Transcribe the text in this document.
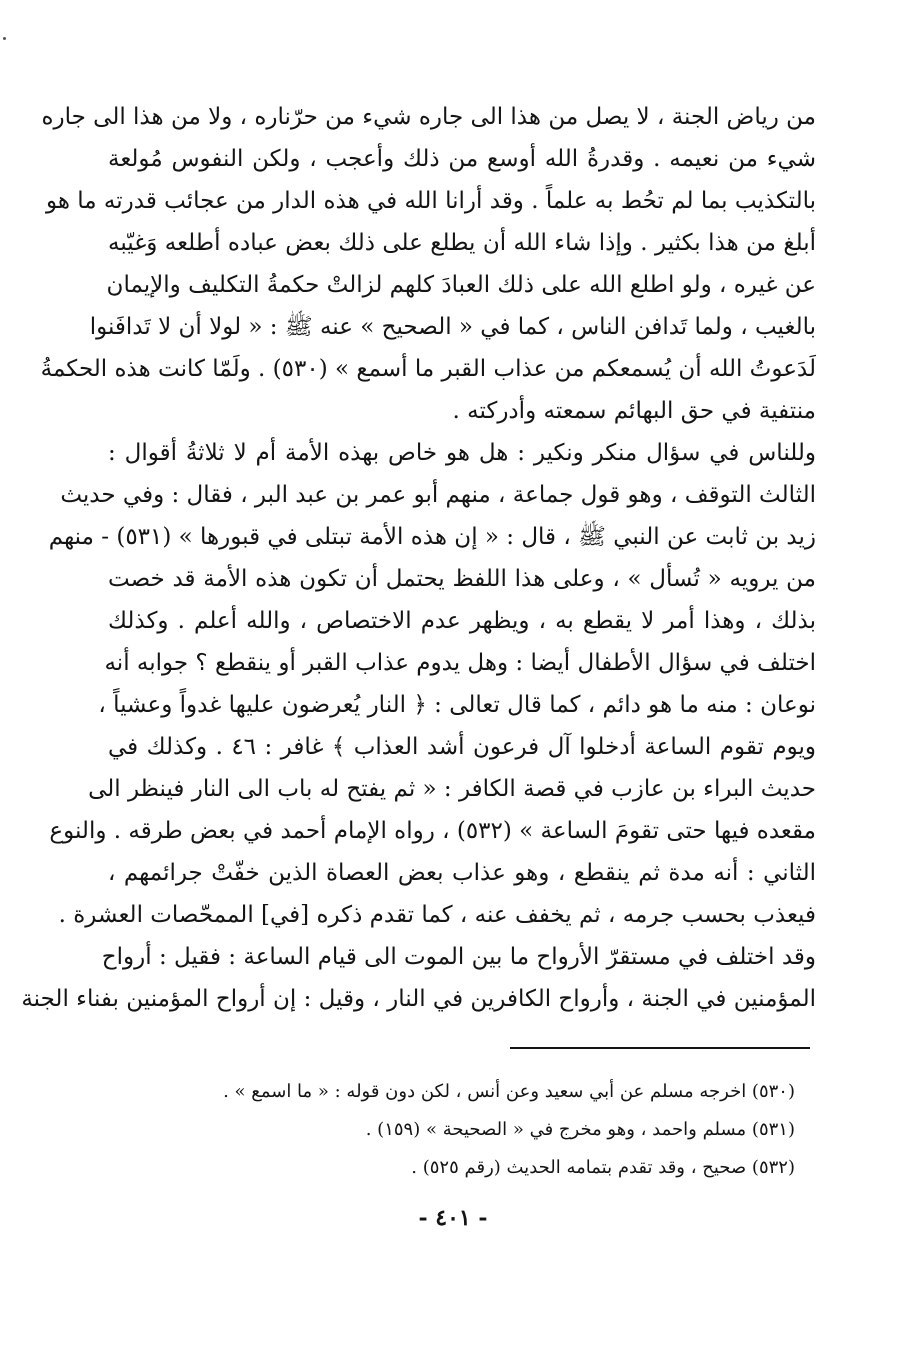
من رياض الجنة ، لا يصل من هذا الى جاره شيء من حرّناره ، ولا من هذا الى جاره
شيء من نعيمه . وقدرةُ الله أوسع من ذلك وأعجب ، ولكن النفوس مُولعة
بالتكذيب بما لم تحُط به علماً . وقد أرانا الله في هذه الدار من عجائب قدرته ما هو
أبلغ من هذا بكثير . وإذا شاء الله أن يطلع على ذلك بعض عباده أطلعه وَغيّبه
عن غيره ، ولو اطلع الله على ذلك العبادَ كلهم لزالتْ حكمةُ التكليف والإيمان
بالغيب ، ولما تَدافن الناس ، كما في « الصحيح » عنه ﷺ : « لولا أن لا تَدافَنوا
لَدَعوتُ الله أن يُسمعكم من عذاب القبر ما أسمع » (٥٣٠) . ولَمّا كانت هذه الحكمةُ
منتفية في حق البهائم سمعته وأدركته .
وللناس في سؤال منكر ونكير : هل هو خاص بهذه الأمة أم لا ثلاثةُ أقوال :
الثالث التوقف ، وهو قول جماعة ، منهم أبو عمر بن عبد البر ، فقال : وفي حديث
زيد بن ثابت عن النبي ﷺ ، قال : « إن هذه الأمة تبتلى في قبورها » (٥٣١) - منهم
من يرويه « تُسأل » ، وعلى هذا اللفظ يحتمل أن تكون هذه الأمة قد خصت
بذلك ، وهذا أمر لا يقطع به ، ويظهر عدم الاختصاص ، والله أعلم . وكذلك
اختلف في سؤال الأطفال أيضا : وهل يدوم عذاب القبر أو ينقطع ؟ جوابه أنه
نوعان : منه ما هو دائم ، كما قال تعالى : ﴿ النار يُعرضون عليها غدواً وعشياً ،
ويوم تقوم الساعة أدخلوا آل فرعون أشد العذاب ﴾ غافر : ٤٦ . وكذلك في
حديث البراء بن عازب في قصة الكافر : « ثم يفتح له باب الى النار فينظر الى
مقعده فيها حتى تقومَ الساعة » (٥٣٢) ، رواه الإمام أحمد في بعض طرقه . والنوع
الثاني : أنه مدة ثم ينقطع ، وهو عذاب بعض العصاة الذين خفّتْ جرائمهم ،
فيعذب بحسب جرمه ، ثم يخفف عنه ، كما تقدم ذكره [في] الممحّصات العشرة .
وقد اختلف في مستقرّ الأرواح ما بين الموت الى قيام الساعة : فقيل : أرواح
المؤمنين في الجنة ، وأرواح الكافرين في النار ، وقيل : إن أرواح المؤمنين بفناء الجنة
(٥٣٠) اخرجه مسلم عن أبي سعيد وعن أنس ، لكن دون قوله : « ما اسمع » .
(٥٣١) مسلم واحمد ، وهو مخرج في « الصحيحة » (١٥٩) .
(٥٣٢) صحيح ، وقد تقدم بتمامه الحديث (رقم ٥٢٥) .
- ٤٠١ -
